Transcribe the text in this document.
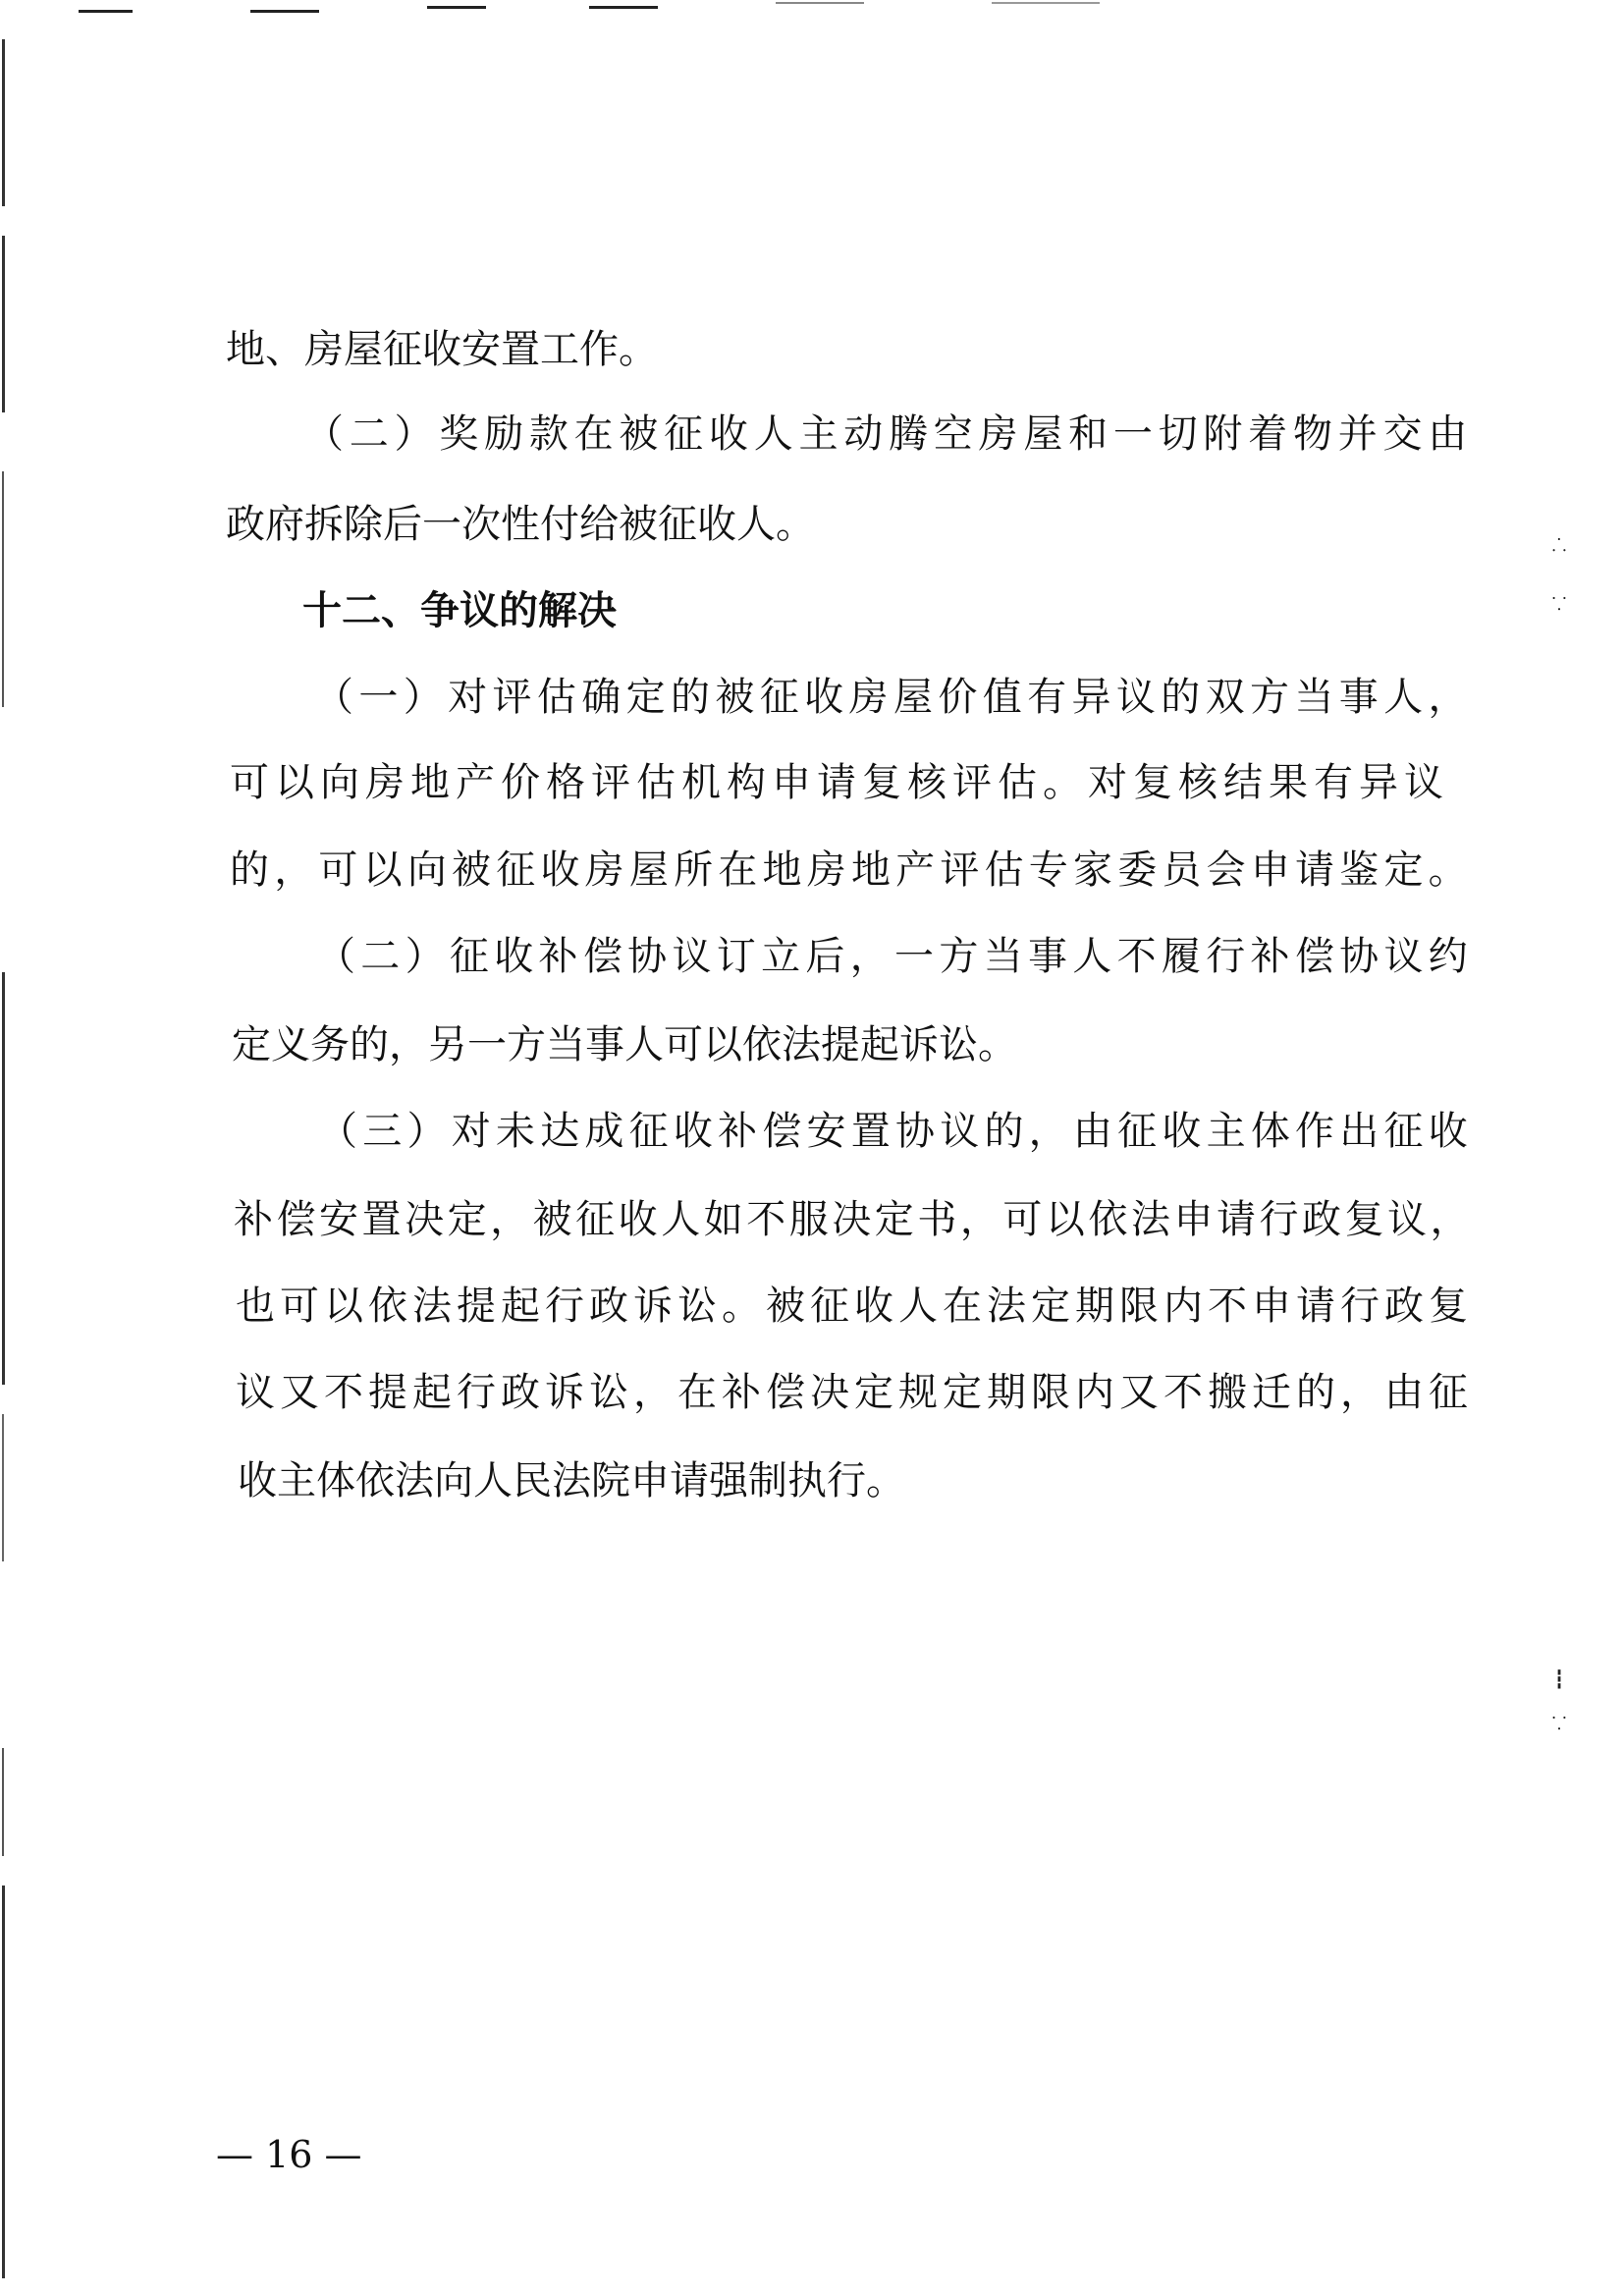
⸫
⸪
┇
⸪
地、房屋征收安置工作。
（二）奖励款在被征收人主动腾空房屋和一切附着物并交由
政府拆除后一次性付给被征收人。
十二、争议的解决
（一）对评估确定的被征收房屋价值有异议的双方当事人，
可以向房地产价格评估机构申请复核评估。对复核结果有异议
的，可以向被征收房屋所在地房地产评估专家委员会申请鉴定。
（二）征收补偿协议订立后，一方当事人不履行补偿协议约
定义务的，另一方当事人可以依法提起诉讼。
（三）对未达成征收补偿安置协议的，由征收主体作出征收
补偿安置决定，被征收人如不服决定书，可以依法申请行政复议，
也可以依法提起行政诉讼。被征收人在法定期限内不申请行政复
议又不提起行政诉讼，在补偿决定规定期限内又不搬迁的，由征
收主体依法向人民法院申请强制执行。
— 16 —
